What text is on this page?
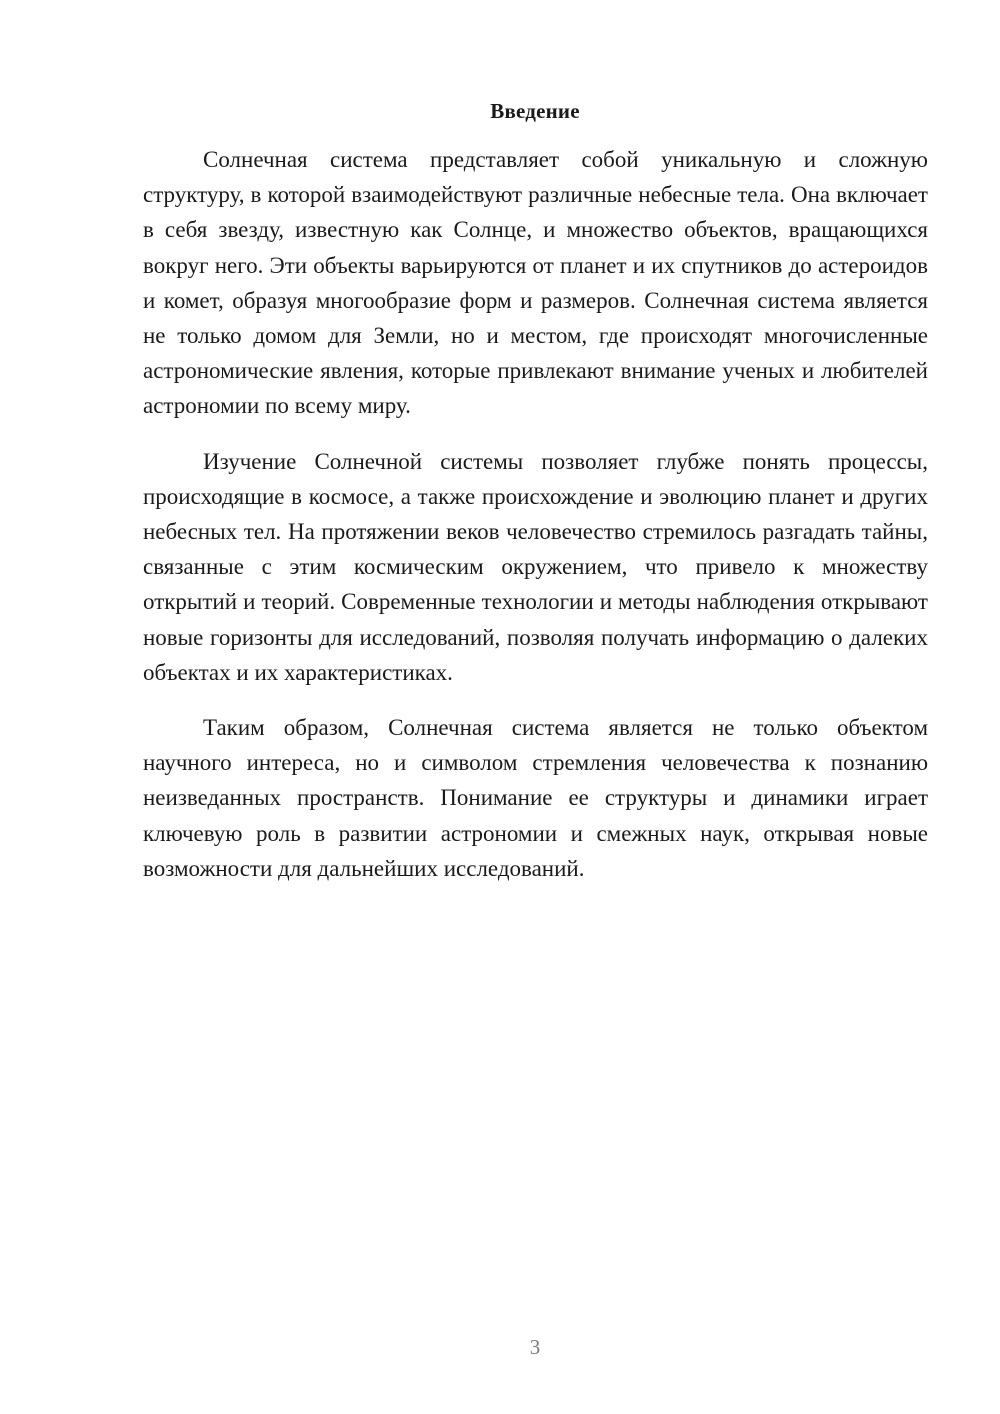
Введение

Солнечная система представляет собой уникальную и сложную структуру, в которой взаимодействуют различные небесные тела. Она включает в себя звезду, известную как Солнце, и множество объектов, вращающихся вокруг него. Эти объекты варьируются от планет и их спутников до астероидов и комет, образуя многообразие форм и размеров. Солнечная система является не только домом для Земли, но и местом, где происходят многочисленные астрономические явления, которые привлекают внимание ученых и любителей астрономии по всему миру.

Изучение Солнечной системы позволяет глубже понять процессы, происходящие в космосе, а также происхождение и эволюцию планет и других небесных тел. На протяжении веков человечество стремилось разгадать тайны, связанные с этим космическим окружением, что привело к множеству открытий и теорий. Современные технологии и методы наблюдения открывают новые горизонты для исследований, позволяя получать информацию о далеких объектах и их характеристиках.

Таким образом, Солнечная система является не только объектом научного интереса, но и символом стремления человечества к познанию неизведанных пространств. Понимание ее структуры и динамики играет ключевую роль в развитии астрономии и смежных наук, открывая новые возможности для дальнейших исследований.

3
